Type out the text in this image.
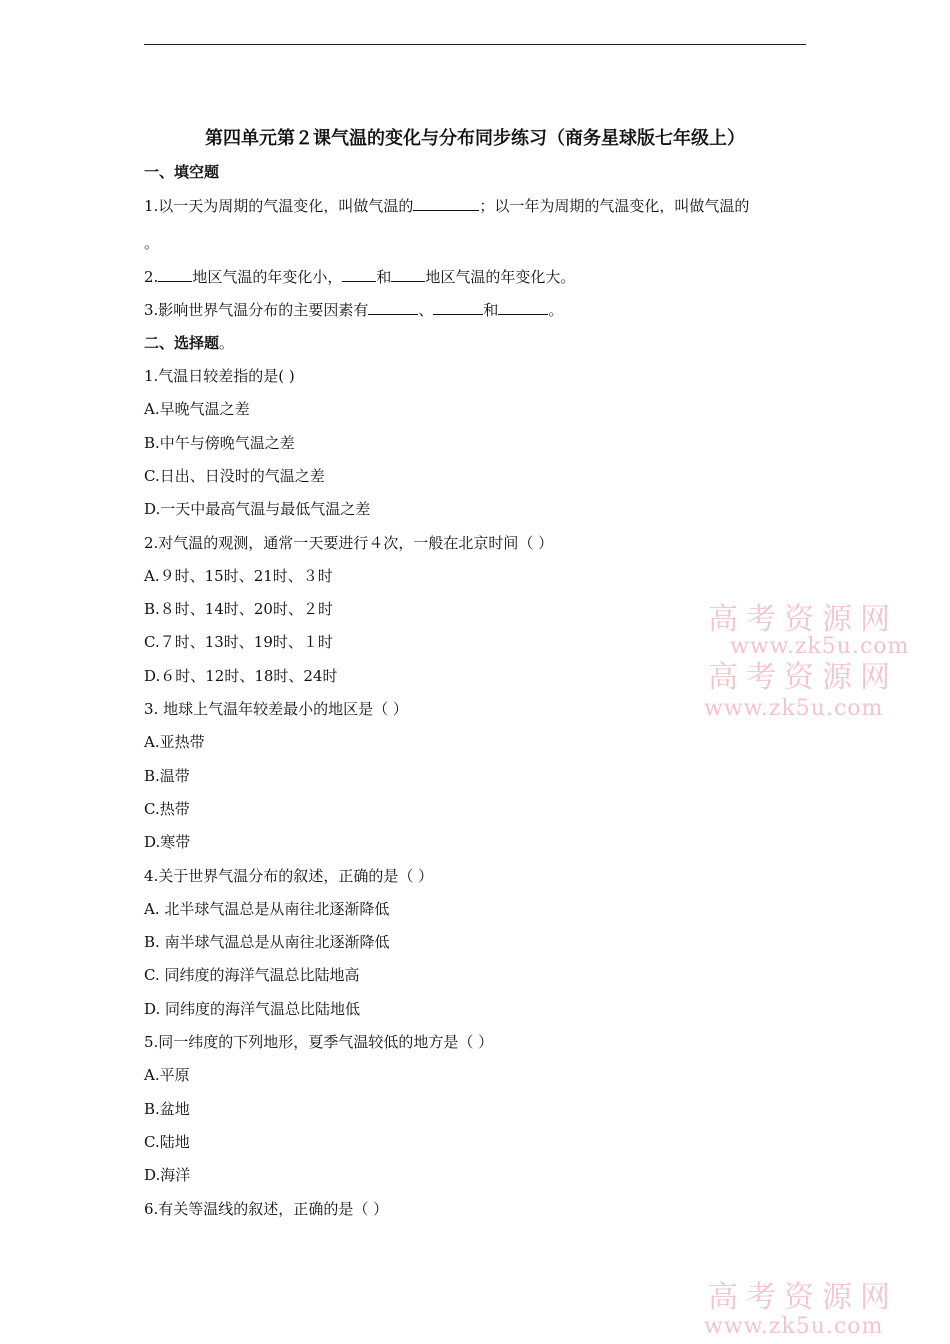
第四单元第２课气温的变化与分布同步练习（商务星球版七年级上）
一、填空题
1.以一天为周期的气温变化，叫做气温的	；以一年为周期的气温变化，叫做气温的
。
2. 地区气温的年变化小， 和 地区气温的年变化大。
3.影响世界气温分布的主要因素有	、	和	。
二、选择题。
1.气温日较差指的是( )
A.早晚气温之差
B.中午与傍晚气温之差
C.日出、日没时的气温之差
D.一天中最高气温与最低气温之差
2.对气温的观测，通常一天要进行４次，一般在北京时间（ ）
A.９时、15时、21时、３时
B.８时、14时、20时、２时
C.７时、13时、19时、１时
D.６时、12时、18时、24时
3. 地球上气温年较差最小的地区是（ ）
A.亚热带
B.温带
C.热带
D.寒带
4.关于世界气温分布的叙述，正确的是（ ）
A. 北半球气温总是从南往北逐渐降低
B. 南半球气温总是从南往北逐渐降低
C. 同纬度的海洋气温总比陆地高
D. 同纬度的海洋气温总比陆地低
5.同一纬度的下列地形，夏季气温较低的地方是（ ）
A.平原
B.盆地
C.陆地
D.海洋
6.有关等温线的叙述，正确的是（ ）
高考资源网
www.zk5u.com
高考资源网
www.zk5u.com
高考资源网
www.zk5u.com
